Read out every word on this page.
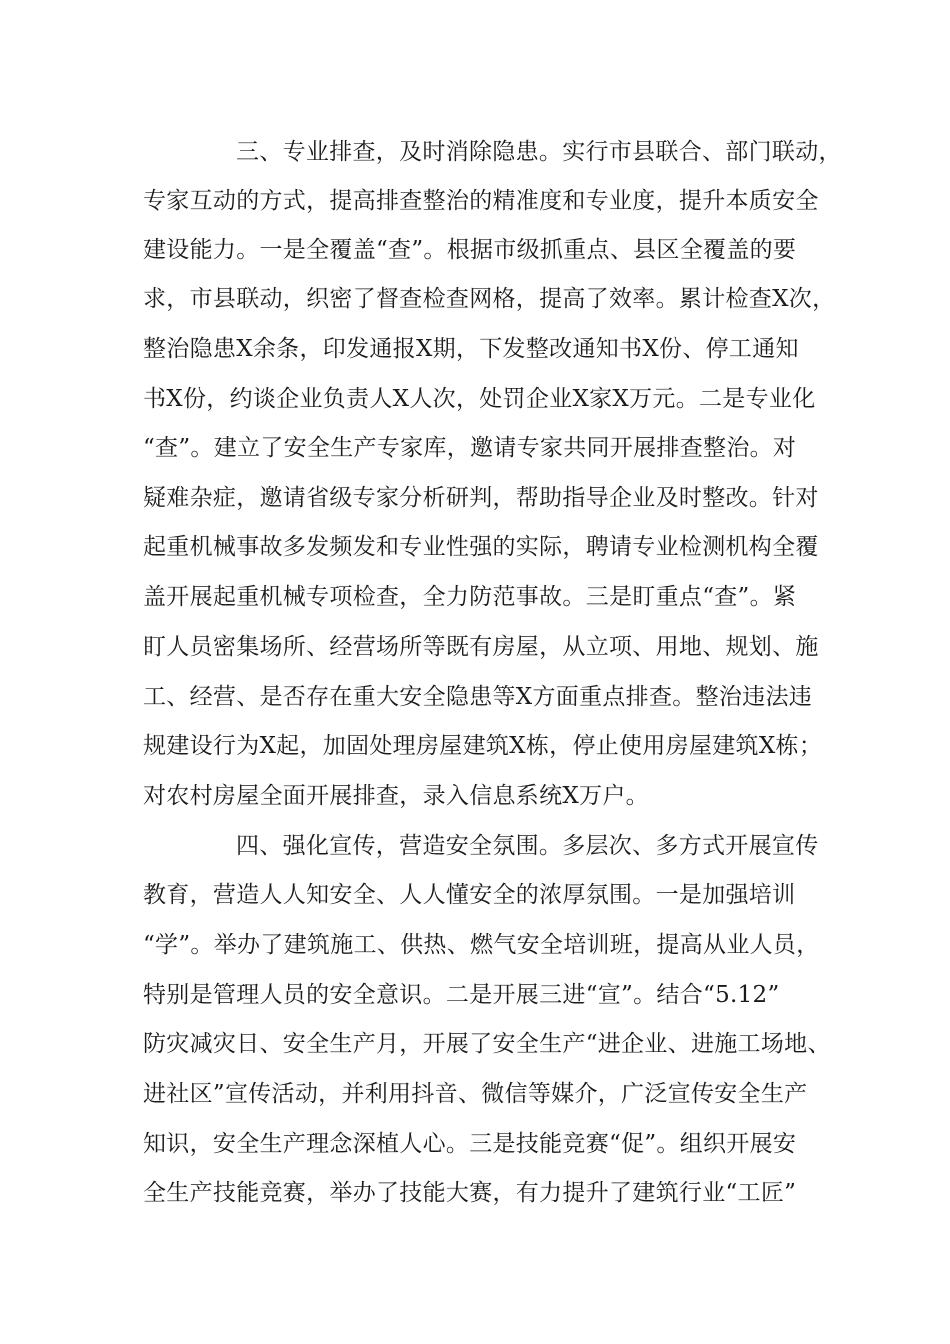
三、专业排查，及时消除隐患。实行市县联合、部门联动，
专家互动的方式，提高排查整治的精准度和专业度，提升本质安全
建设能力。一是全覆盖“查”。根据市级抓重点、县区全覆盖的要
求，市县联动，织密了督查检查网格，提高了效率。累计检查X次，
整治隐患X余条，印发通报X期，下发整改通知书X份、停工通知
书X份，约谈企业负责人X人次，处罚企业X家X万元。二是专业化
“查”。建立了安全生产专家库，邀请专家共同开展排查整治。对
疑难杂症，邀请省级专家分析研判，帮助指导企业及时整改。针对
起重机械事故多发频发和专业性强的实际，聘请专业检测机构全覆
盖开展起重机械专项检查，全力防范事故。三是盯重点“查”。紧
盯人员密集场所、经营场所等既有房屋，从立项、用地、规划、施
工、经营、是否存在重大安全隐患等X方面重点排查。整治违法违
规建设行为X起，加固处理房屋建筑X栋，停止使用房屋建筑X栋；
对农村房屋全面开展排查，录入信息系统X万户。
四、强化宣传，营造安全氛围。多层次、多方式开展宣传
教育，营造人人知安全、人人懂安全的浓厚氛围。一是加强培训
“学”。举办了建筑施工、供热、燃气安全培训班，提高从业人员，
特别是管理人员的安全意识。二是开展三进“宣”。结合“5.12”
防灾减灾日、安全生产月，开展了安全生产“进企业、进施工场地、
进社区”宣传活动，并利用抖音、微信等媒介，广泛宣传安全生产
知识，安全生产理念深植人心。三是技能竞赛“促”。组织开展安
全生产技能竞赛，举办了技能大赛，有力提升了建筑行业“工匠”
